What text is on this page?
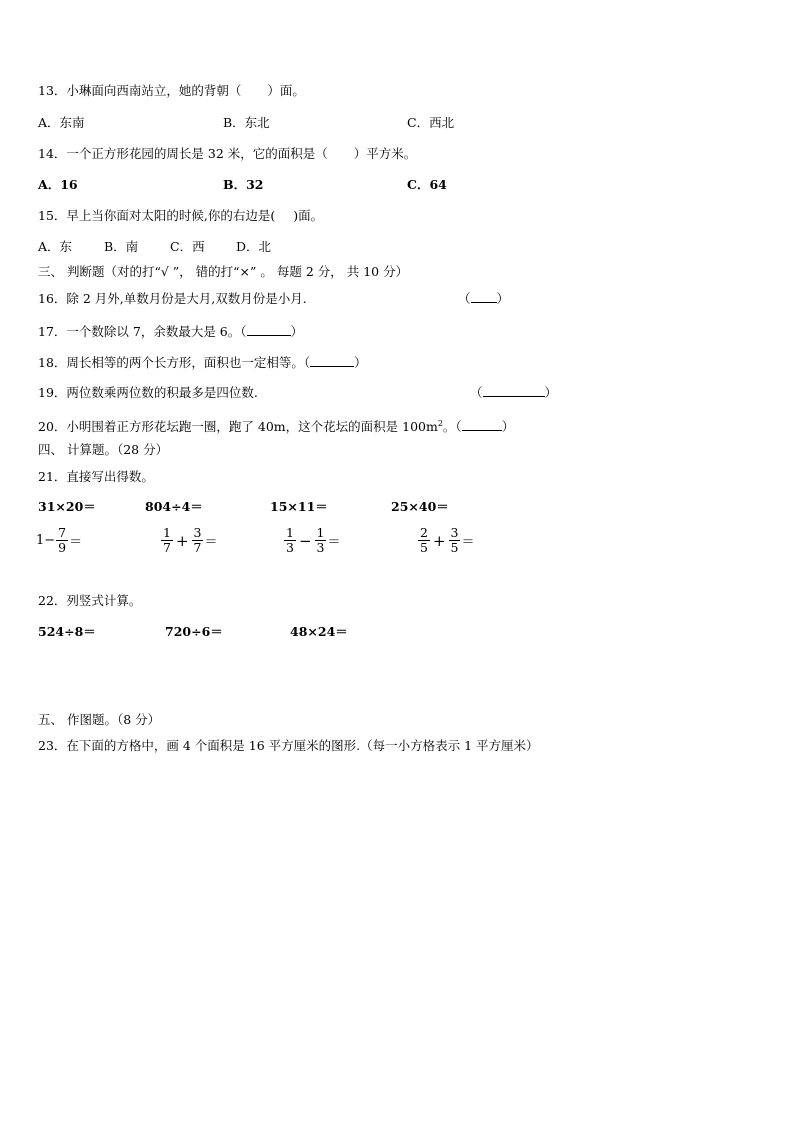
13．小琳面向西南站立，她的背朝（ ）面。
A．东南	B．东北	C．西北
14．一个正方形花园的周长是 32 米，它的面积是（ ）平方米。
A．16	B．32	C．64
15．早上当你面对太阳的时候,你的右边是( )面。
A．东	B．南	C．西	D．北
三、 判断题（对的打“√ ”， 错的打“×” 。 每题 2 分， 共 10 分）
16．除 2 月外,单数月份是大月,双数月份是小月.	（ ）
17．一个数除以 7，余数最大是 6。（	）
18．周长相等的两个长方形，面积也一定相等。（	）
19．两位数乘两位数的积最多是四位数.	（	）
20．小明围着正方形花坛跑一圈，跑了 40m，这个花坛的面积是 $100m^2$。（	）
四、 计算题。（28 分）
21．直接写出得数。
31×20＝	804÷4＝	15×11＝	25×40＝
$1- \frac{7}{9}$ ＝	$\frac{1}{7} + \frac{3}{7}$ ＝	$\frac{1}{3} - \frac{1}{3}$ ＝	$\frac{2}{5} + \frac{3}{5}$ ＝
22．列竖式计算。
524÷8＝	720÷6＝	48×24＝
五、 作图题。（8 分）
23．在下面的方格中，画 4 个面积是 16 平方厘米的图形.（每一小方格表示 1 平方厘米）
